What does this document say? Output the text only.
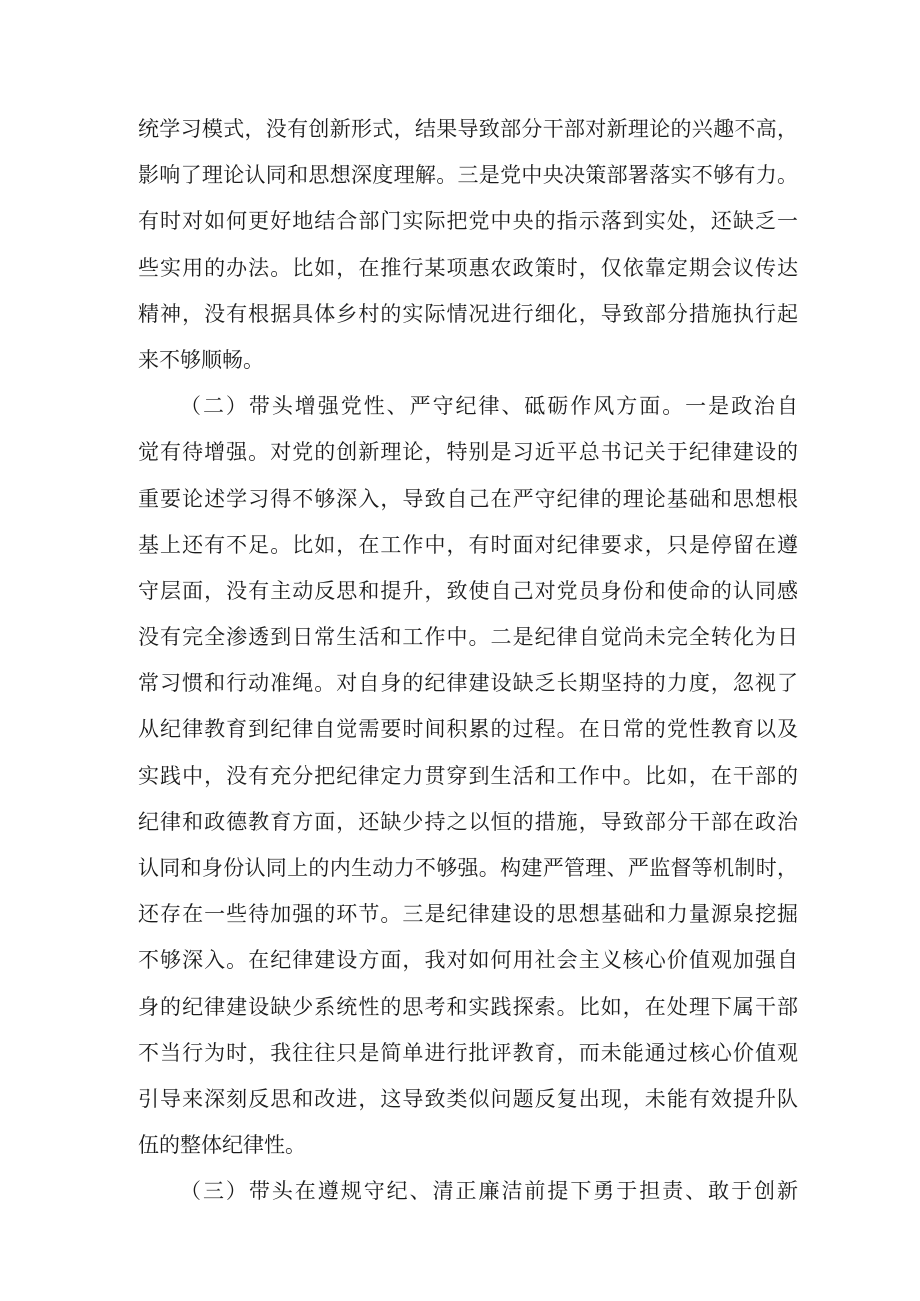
统学习模式，没有创新形式，结果导致部分干部对新理论的兴趣不高，
影响了理论认同和思想深度理解。三是党中央决策部署落实不够有力。
有时对如何更好地结合部门实际把党中央的指示落到实处，还缺乏一
些实用的办法。比如，在推行某项惠农政策时，仅依靠定期会议传达
精神，没有根据具体乡村的实际情况进行细化，导致部分措施执行起
来不够顺畅。
（二）带头增强党性、严守纪律、砥砺作风方面。一是政治自
觉有待增强。对党的创新理论，特别是习近平总书记关于纪律建设的
重要论述学习得不够深入，导致自己在严守纪律的理论基础和思想根
基上还有不足。比如，在工作中，有时面对纪律要求，只是停留在遵
守层面，没有主动反思和提升，致使自己对党员身份和使命的认同感
没有完全渗透到日常生活和工作中。二是纪律自觉尚未完全转化为日
常习惯和行动准绳。对自身的纪律建设缺乏长期坚持的力度，忽视了
从纪律教育到纪律自觉需要时间积累的过程。在日常的党性教育以及
实践中，没有充分把纪律定力贯穿到生活和工作中。比如，在干部的
纪律和政德教育方面，还缺少持之以恒的措施，导致部分干部在政治
认同和身份认同上的内生动力不够强。构建严管理、严监督等机制时，
还存在一些待加强的环节。三是纪律建设的思想基础和力量源泉挖掘
不够深入。在纪律建设方面，我对如何用社会主义核心价值观加强自
身的纪律建设缺少系统性的思考和实践探索。比如，在处理下属干部
不当行为时，我往往只是简单进行批评教育，而未能通过核心价值观
引导来深刻反思和改进，这导致类似问题反复出现，未能有效提升队
伍的整体纪律性。
（三）带头在遵规守纪、清正廉洁前提下勇于担责、敢于创新
